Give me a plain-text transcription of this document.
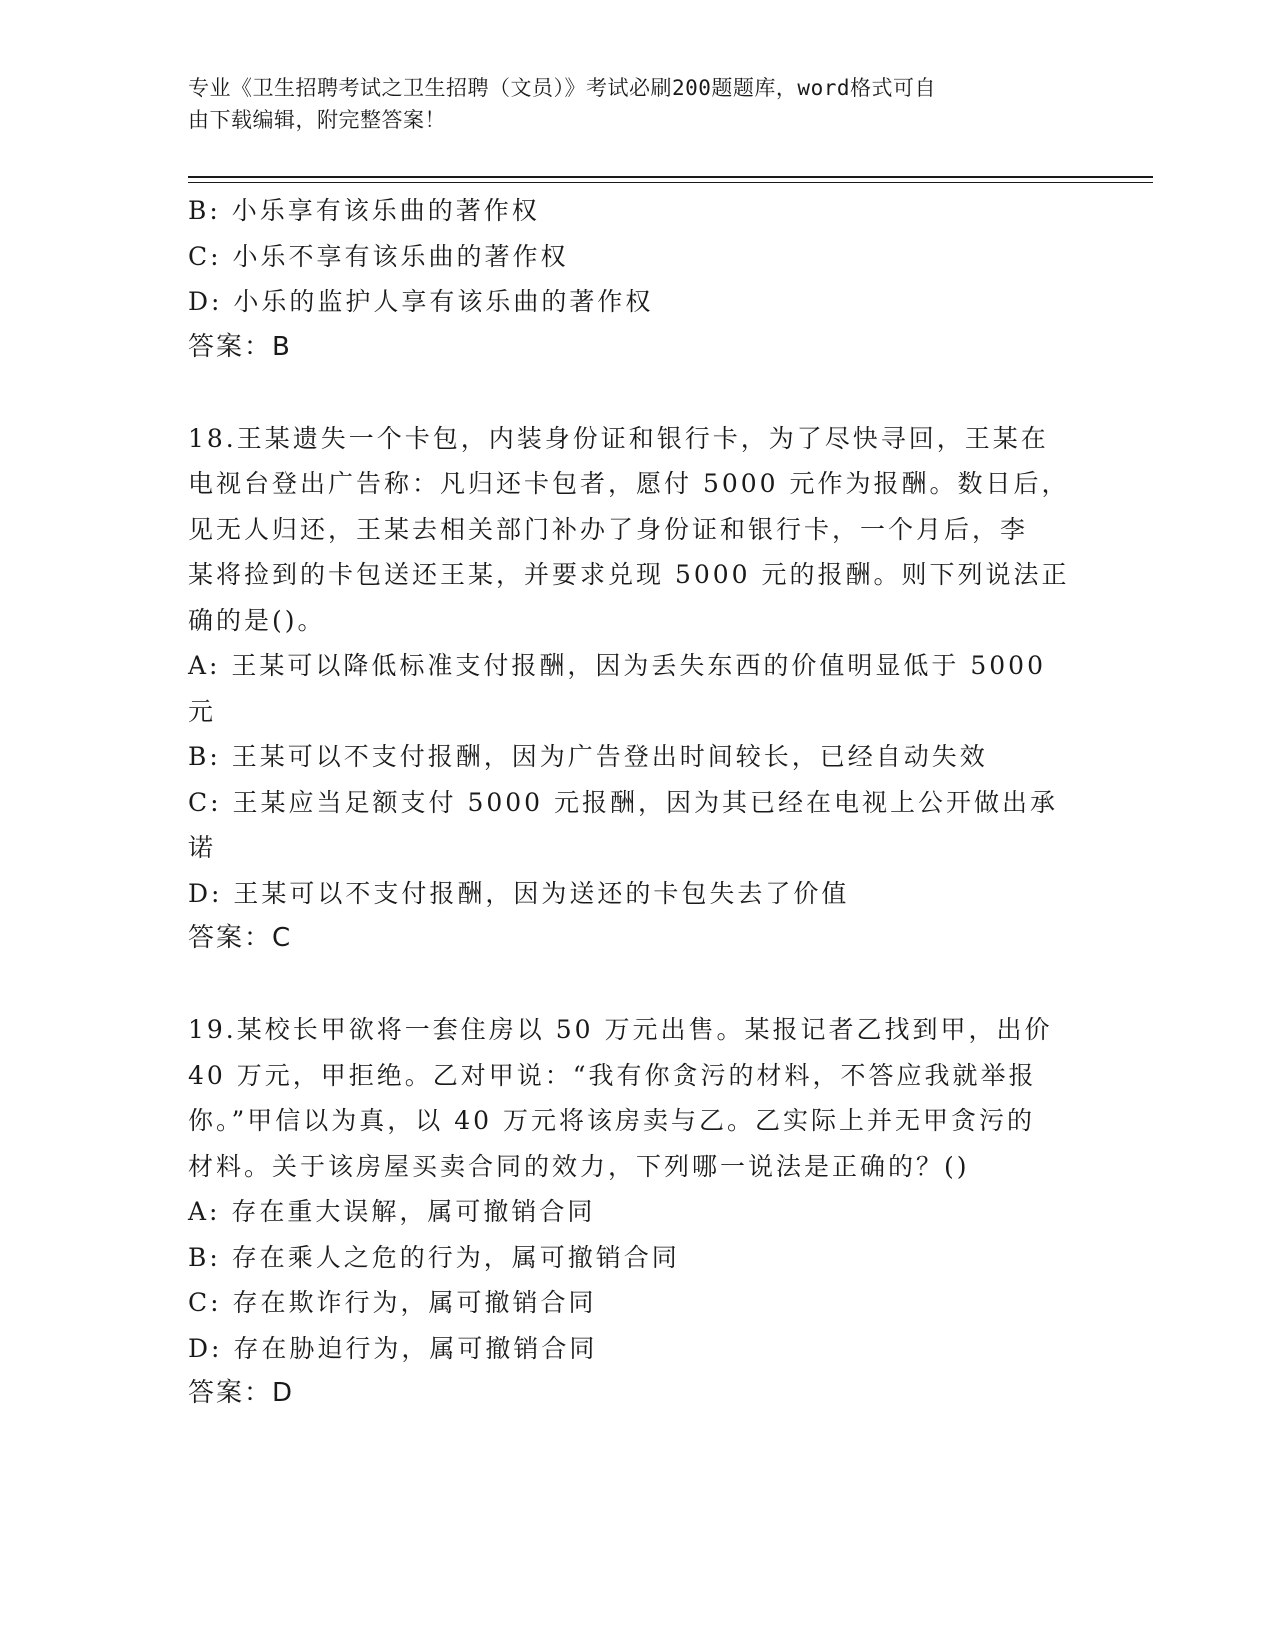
专业《卫生招聘考试之卫生招聘（文员）》考试必刷200题题库，word格式可自
由下载编辑，附完整答案！
B: 小乐享有该乐曲的著作权
C: 小乐不享有该乐曲的著作权
D: 小乐的监护人享有该乐曲的著作权
答案：B
18.王某遗失一个卡包，内装身份证和银行卡，为了尽快寻回，王某在
电视台登出广告称：凡归还卡包者，愿付 5000 元作为报酬。数日后，
见无人归还，王某去相关部门补办了身份证和银行卡，一个月后，李
某将捡到的卡包送还王某，并要求兑现 5000 元的报酬。则下列说法正
确的是()。
A: 王某可以降低标准支付报酬，因为丢失东西的价值明显低于 5000
元
B: 王某可以不支付报酬，因为广告登出时间较长，已经自动失效
C: 王某应当足额支付 5000 元报酬，因为其已经在电视上公开做出承
诺
D: 王某可以不支付报酬，因为送还的卡包失去了价值
答案：C
19.某校长甲欲将一套住房以 50 万元出售。某报记者乙找到甲，出价
40 万元，甲拒绝。乙对甲说：“我有你贪污的材料，不答应我就举报
你。”甲信以为真，以 40 万元将该房卖与乙。乙实际上并无甲贪污的
材料。关于该房屋买卖合同的效力，下列哪一说法是正确的？()
A: 存在重大误解，属可撤销合同
B: 存在乘人之危的行为，属可撤销合同
C: 存在欺诈行为，属可撤销合同
D: 存在胁迫行为，属可撤销合同
答案：D
